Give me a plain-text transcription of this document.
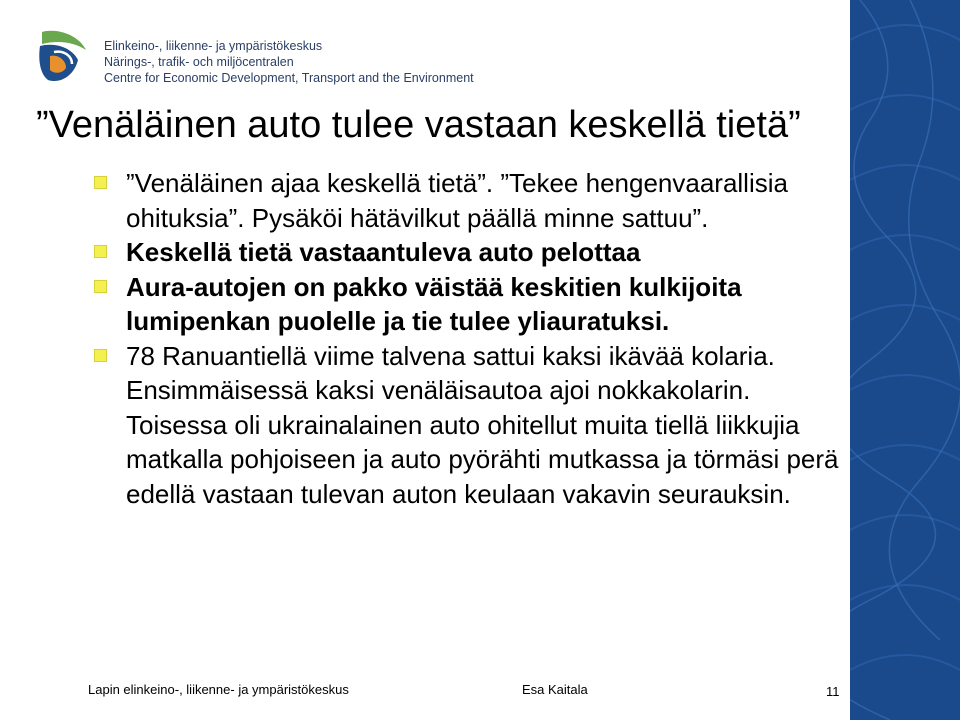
Elinkeino-, liikenne- ja ympäristökeskus
Närings-, trafik- och miljöcentralen
Centre for Economic Development, Transport and the Environment
”Venäläinen auto tulee vastaan keskellä tietä”
”Venäläinen ajaa keskellä tietä”. ”Tekee hengenvaarallisia ohituksia”. Pysäköi hätävilkut päällä minne sattuu”.
Keskellä tietä vastaantuleva auto pelottaa
Aura-autojen on pakko väistää keskitien kulkijoita lumipenkan puolelle ja tie tulee yliauratuksi.
78 Ranuantiellä viime talvena sattui kaksi ikävää kolaria. Ensimmäisessä kaksi venäläisautoa ajoi nokkakolarin. Toisessa oli ukrainalainen auto ohitellut muita tiellä liikkujia matkalla pohjoiseen ja auto pyörähti mutkassa ja törmäsi perä edellä vastaan tulevan auton keulaan vakavin seurauksin.
Lapin elinkeino-, liikenne- ja ympäristökeskus	Esa Kaitala	11
